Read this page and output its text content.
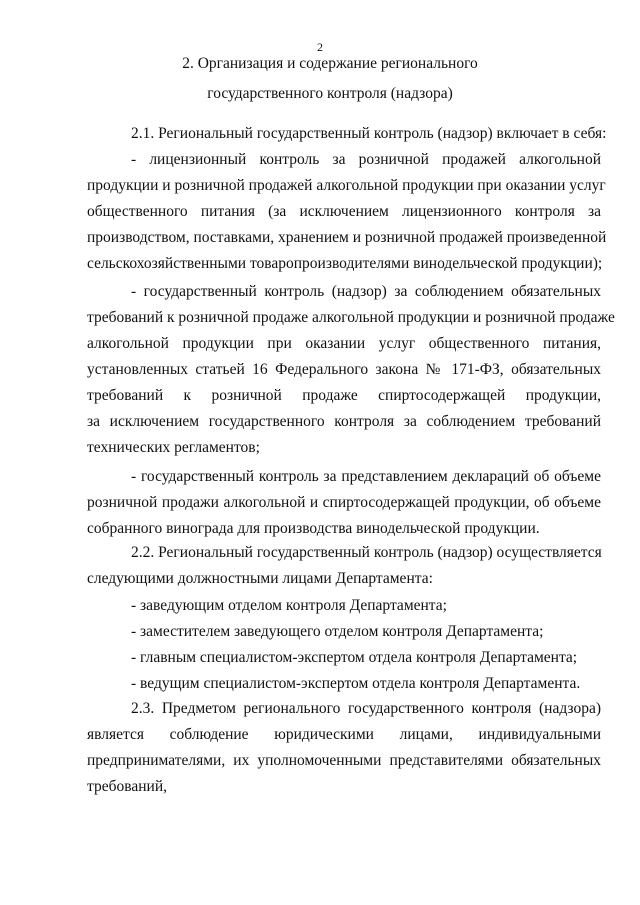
2
2. Организация и содержание регионального
государственного контроля (надзора)

2.1. Региональный государственный контроль (надзор) включает в себя:

- лицензионный контроль за розничной продажей алкогольной
продукции и розничной продажей алкогольной продукции при оказании услуг
общественного питания (за исключением лицензионного контроля за
производством, поставками, хранением и розничной продажей произведенной
сельскохозяйственными товаропроизводителями винодельческой продукции);

- государственный контроль (надзор) за соблюдением обязательных
требований к розничной продаже алкогольной продукции и розничной продаже
алкогольной продукции при оказании услуг общественного питания,
установленных статьей 16 Федерального закона № 171-ФЗ, обязательных
требований к розничной продаже спиртосодержащей продукции,
за исключением государственного контроля за соблюдением требований
технических регламентов;

- государственный контроль за представлением деклараций об объеме
розничной продажи алкогольной и спиртосодержащей продукции, об объеме
собранного винограда для производства винодельческой продукции.

2.2. Региональный государственный контроль (надзор) осуществляется
следующими должностными лицами Департамента:

- заведующим отделом контроля Департамента;

- заместителем заведующего отделом контроля Департамента;

- главным специалистом-экспертом отдела контроля Департамента;

- ведущим специалистом-экспертом отдела контроля Департамента.

2.3. Предметом регионального государственного контроля (надзора)
является соблюдение юридическими лицами, индивидуальными
предпринимателями, их уполномоченными представителями обязательных
требований,
